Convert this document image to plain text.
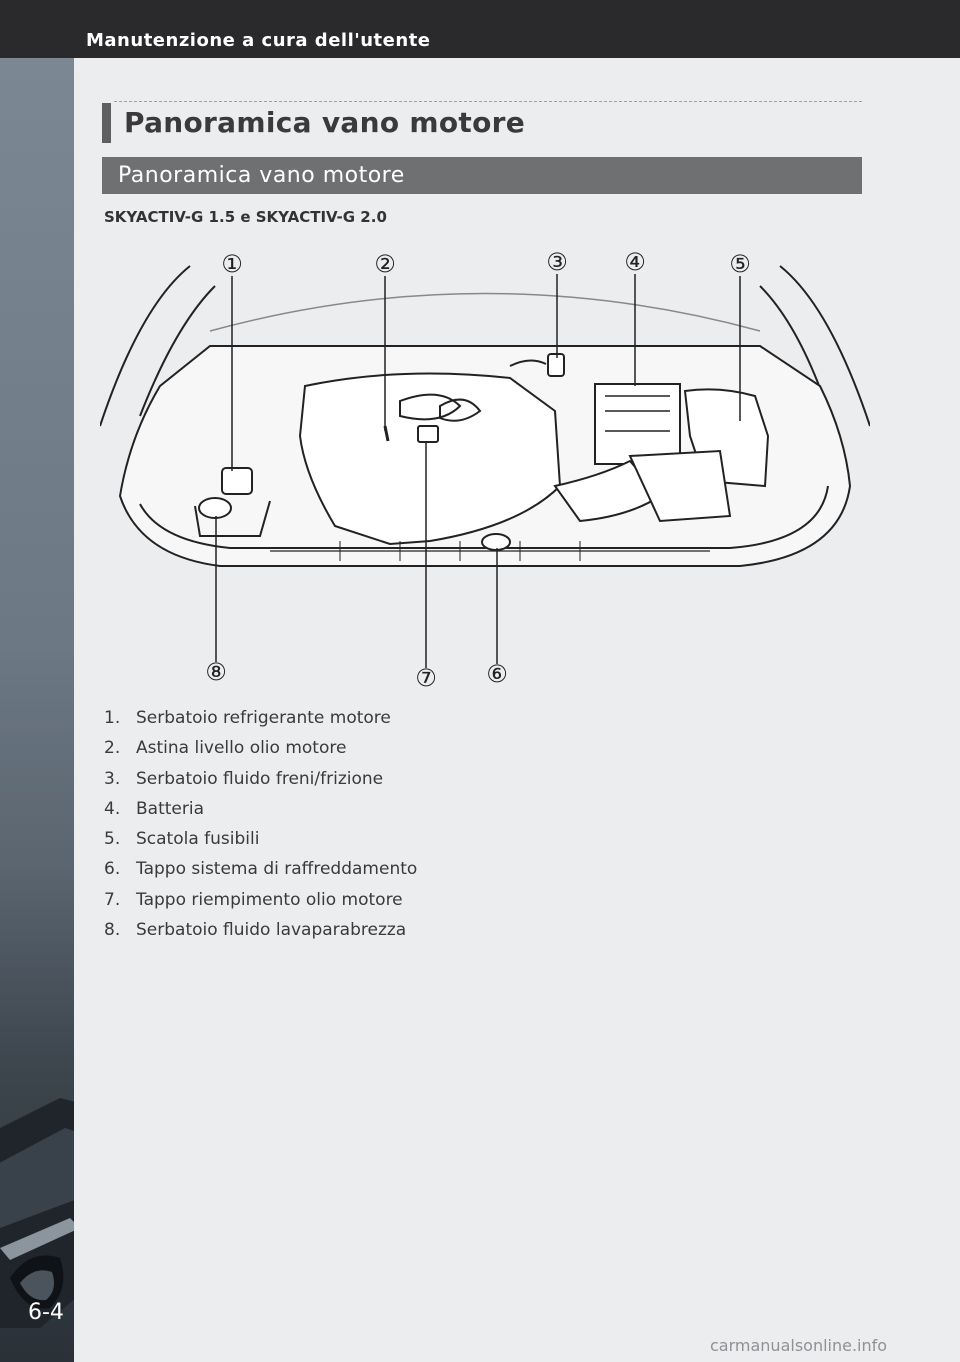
Manutenzione a cura dell'utente
6-4
Panoramica vano motore
Panoramica vano motore
SKYACTIV-G 1.5 e SKYACTIV-G 2.0
①	②	③ ④	⑤
⑥
⑦
⑧
1. Serbatoio refrigerante motore
2. Astina livello olio motore
3. Serbatoio fluido freni/frizione
4. Batteria
5. Scatola fusibili
6. Tappo sistema di raffreddamento
7. Tappo riempimento olio motore
8. Serbatoio fluido lavaparabrezza
carmanualsonline.info
